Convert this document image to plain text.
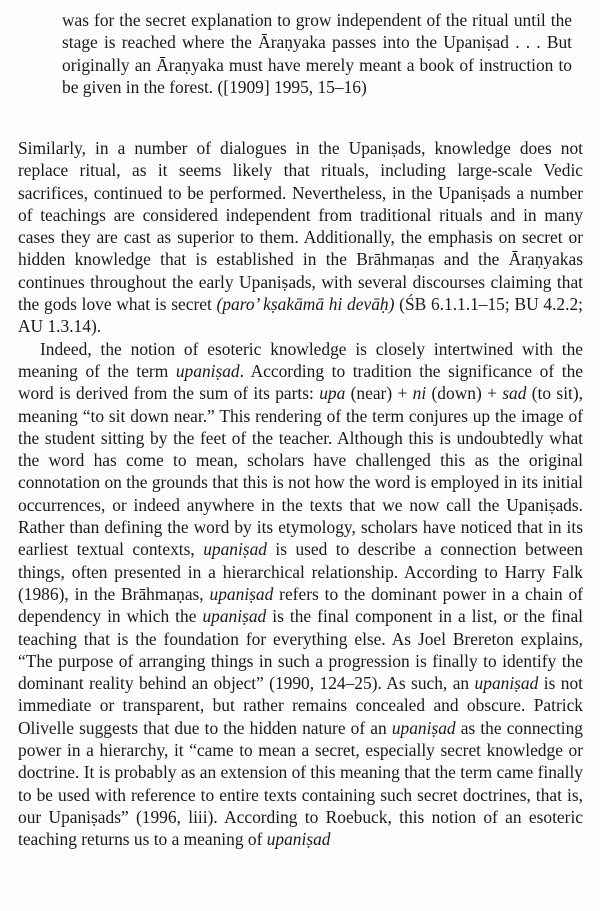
was for the secret explanation to grow independent of the ritual until the stage is reached where the Āraṇyaka passes into the Upaniṣad . . . But originally an Āraṇyaka must have merely meant a book of instruction to be given in the forest. ([1909] 1995, 15–16)

Similarly, in a number of dialogues in the Upaniṣads, knowledge does not replace ritual, as it seems likely that rituals, including large-scale Vedic sacrifices, continued to be performed. Nevertheless, in the Upaniṣads a number of teachings are considered independent from traditional rituals and in many cases they are cast as superior to them. Additionally, the emphasis on secret or hidden knowledge that is established in the Brāhmaṇas and the Āraṇyakas continues throughout the early Upaniṣads, with several discourses claiming that the gods love what is secret (paro’ kṣakāmā hi devāḥ) (ŚB 6.1.1.1–15; BU 4.2.2; AU 1.3.14).

Indeed, the notion of esoteric knowledge is closely intertwined with the meaning of the term upaniṣad. According to tradition the significance of the word is derived from the sum of its parts: upa (near) + ni (down) + sad (to sit), meaning “to sit down near.” This rendering of the term conjures up the image of the student sitting by the feet of the teacher. Although this is undoubtedly what the word has come to mean, scholars have challenged this as the original connotation on the grounds that this is not how the word is employed in its initial occurrences, or indeed anywhere in the texts that we now call the Upaniṣads. Rather than defining the word by its etymology, scholars have noticed that in its earliest textual contexts, upaniṣad is used to describe a connection between things, often presented in a hierarchical relationship. According to Harry Falk (1986), in the Brāhmaṇas, upaniṣad refers to the dominant power in a chain of dependency in which the upaniṣad is the final component in a list, or the final teaching that is the foundation for everything else. As Joel Brereton explains, “The purpose of arranging things in such a progression is finally to identify the dominant reality behind an object” (1990, 124–25). As such, an upaniṣad is not immediate or transparent, but rather remains concealed and obscure. Patrick Olivelle suggests that due to the hidden nature of an upaniṣad as the connecting power in a hierarchy, it “came to mean a secret, especially secret knowledge or doctrine. It is probably as an extension of this meaning that the term came finally to be used with reference to entire texts containing such secret doctrines, that is, our Upaniṣads” (1996, liii). According to Roebuck, this notion of an esoteric teaching returns us to a meaning of upaniṣad
